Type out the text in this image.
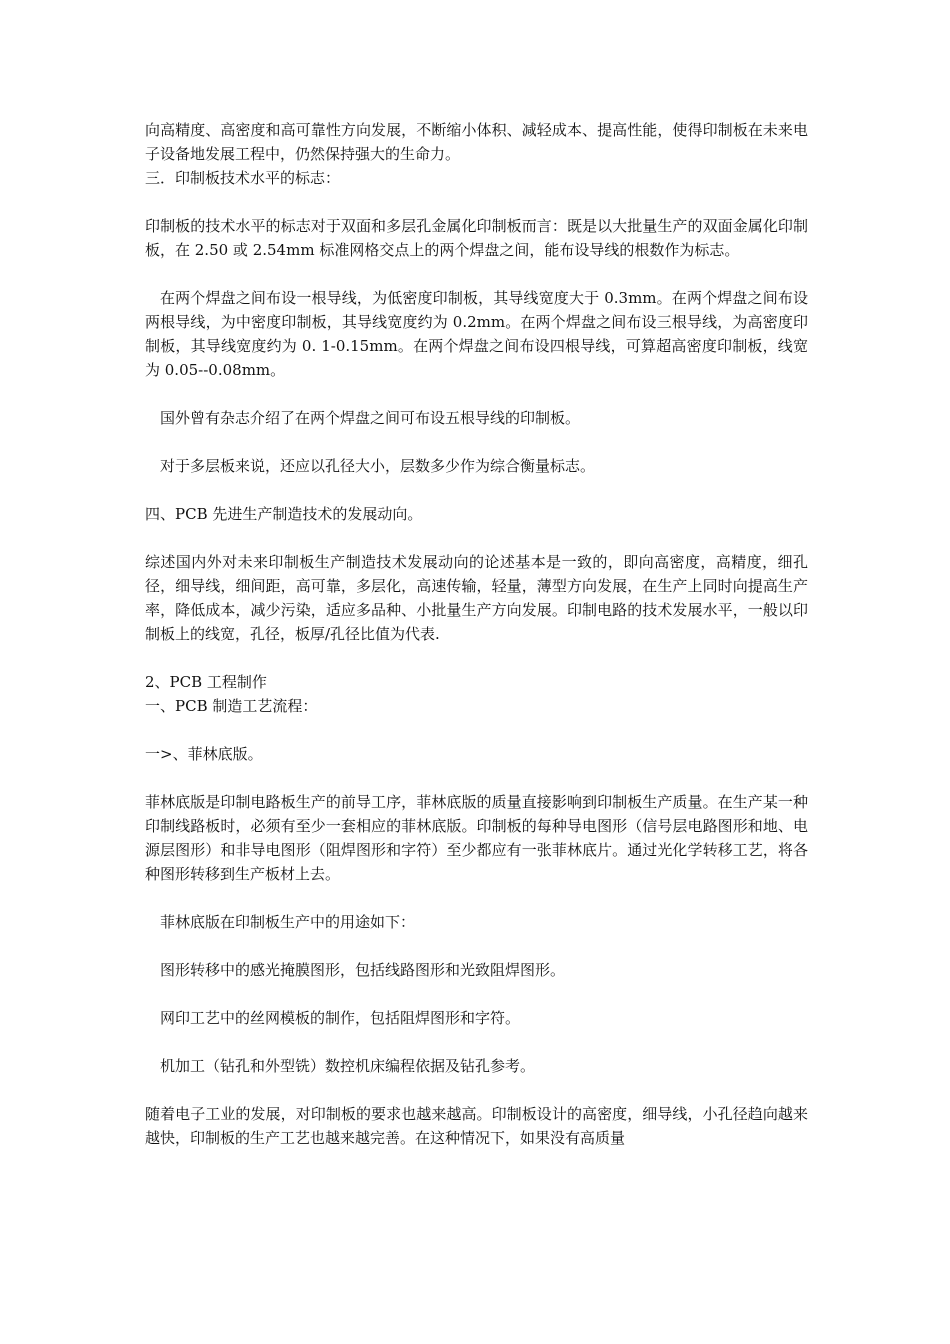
向高精度、高密度和高可靠性方向发展，不断缩小体积、减轻成本、提高性能，使得印制板在未来电子设备地发展工程中，仍然保持强大的生命力。

三．印制板技术水平的标志：

印制板的技术水平的标志对于双面和多层孔金属化印制板而言：既是以大批量生产的双面金属化印制板，在 2.50 或 2.54mm 标准网格交点上的两个焊盘之间，能布设导线的根数作为标志。

在两个焊盘之间布设一根导线，为低密度印制板，其导线宽度大于 0.3mm。在两个焊盘之间布设两根导线，为中密度印制板，其导线宽度约为 0.2mm。在两个焊盘之间布设三根导线，为高密度印制板，其导线宽度约为 0. 1-0.15mm。在两个焊盘之间布设四根导线，可算超高密度印制板，线宽为 0.05--0.08mm。

国外曾有杂志介绍了在两个焊盘之间可布设五根导线的印制板。

对于多层板来说，还应以孔径大小，层数多少作为综合衡量标志。

四、PCB 先进生产制造技术的发展动向。

综述国内外对未来印制板生产制造技术发展动向的论述基本是一致的，即向高密度，高精度，细孔径，细导线，细间距，高可靠，多层化，高速传输，轻量，薄型方向发展，在生产上同时向提高生产率，降低成本，减少污染，适应多品种、小批量生产方向发展。印制电路的技术发展水平，一般以印制板上的线宽，孔径，板厚/孔径比值为代表.

2、PCB 工程制作

一、PCB 制造工艺流程：

一>、菲林底版。

菲林底版是印制电路板生产的前导工序，菲林底版的质量直接影响到印制板生产质量。在生产某一种印制线路板时，必须有至少一套相应的菲林底版。印制板的每种导电图形（信号层电路图形和地、电源层图形）和非导电图形（阻焊图形和字符）至少都应有一张菲林底片。通过光化学转移工艺，将各种图形转移到生产板材上去。

菲林底版在印制板生产中的用途如下：

图形转移中的感光掩膜图形，包括线路图形和光致阻焊图形。

网印工艺中的丝网模板的制作，包括阻焊图形和字符。

机加工（钻孔和外型铣）数控机床编程依据及钻孔参考。

随着电子工业的发展，对印制板的要求也越来越高。印制板设计的高密度，细导线，小孔径趋向越来越快，印制板的生产工艺也越来越完善。在这种情况下，如果没有高质量
